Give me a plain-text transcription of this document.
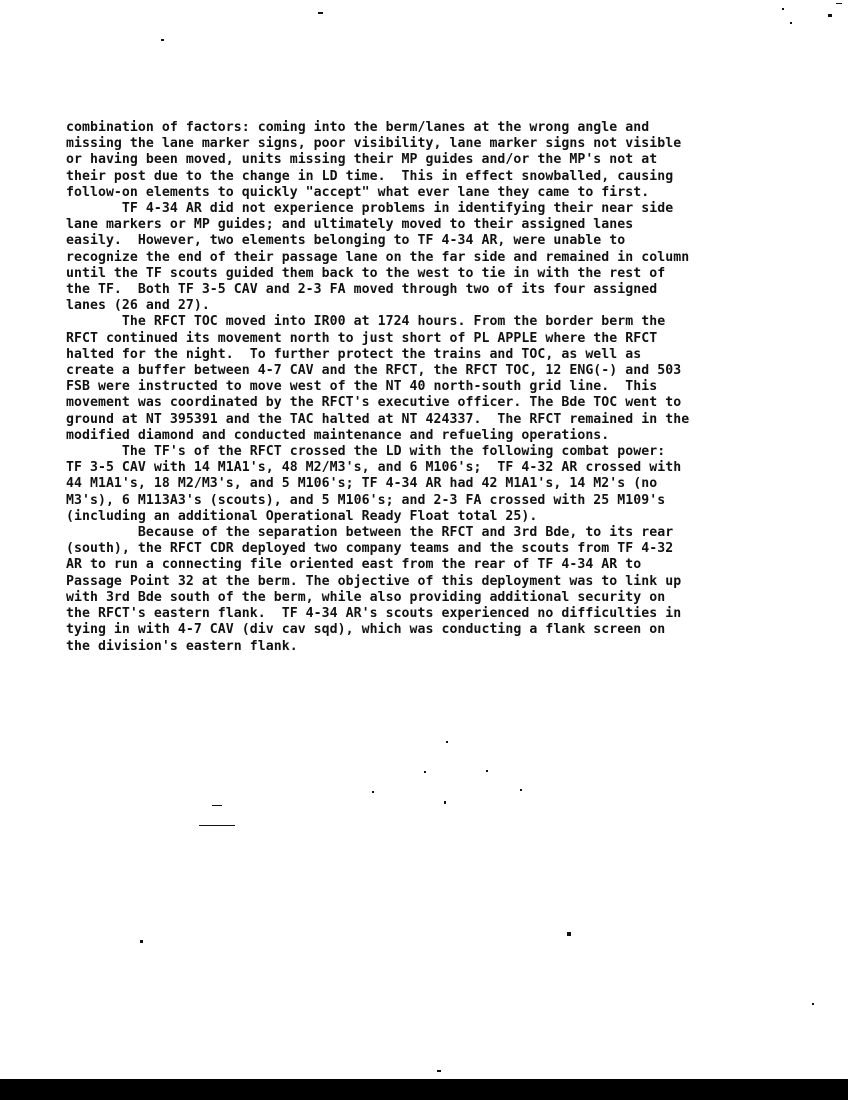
combination of factors: coming into the berm/lanes at the wrong angle and
missing the lane marker signs, poor visibility, lane marker signs not visible
or having been moved, units missing their MP guides and/or the MP's not at
their post due to the change in LD time.  This in effect snowballed, causing
follow-on elements to quickly "accept" what ever lane they came to first.
TF 4-34 AR did not experience problems in identifying their near side
lane markers or MP guides; and ultimately moved to their assigned lanes
easily.  However, two elements belonging to TF 4-34 AR, were unable to
recognize the end of their passage lane on the far side and remained in column
until the TF scouts guided them back to the west to tie in with the rest of
the TF.  Both TF 3-5 CAV and 2-3 FA moved through two of its four assigned
lanes (26 and 27).
The RFCT TOC moved into IR00 at 1724 hours. From the border berm the
RFCT continued its movement north to just short of PL APPLE where the RFCT
halted for the night.  To further protect the trains and TOC, as well as
create a buffer between 4-7 CAV and the RFCT, the RFCT TOC, 12 ENG(-) and 503
FSB were instructed to move west of the NT 40 north-south grid line.  This
movement was coordinated by the RFCT's executive officer. The Bde TOC went to
ground at NT 395391 and the TAC halted at NT 424337.  The RFCT remained in the
modified diamond and conducted maintenance and refueling operations.
The TF's of the RFCT crossed the LD with the following combat power:
TF 3-5 CAV with 14 M1A1's, 48 M2/M3's, and 6 M106's;  TF 4-32 AR crossed with
44 M1A1's, 18 M2/M3's, and 5 M106's; TF 4-34 AR had 42 M1A1's, 14 M2's (no
M3's), 6 M113A3's (scouts), and 5 M106's; and 2-3 FA crossed with 25 M109's
(including an additional Operational Ready Float total 25).
Because of the separation between the RFCT and 3rd Bde, to its rear
(south), the RFCT CDR deployed two company teams and the scouts from TF 4-32
AR to run a connecting file oriented east from the rear of TF 4-34 AR to
Passage Point 32 at the berm. The objective of this deployment was to link up
with 3rd Bde south of the berm, while also providing additional security on
the RFCT's eastern flank.  TF 4-34 AR's scouts experienced no difficulties in
tying in with 4-7 CAV (div cav sqd), which was conducting a flank screen on
the division's eastern flank.
